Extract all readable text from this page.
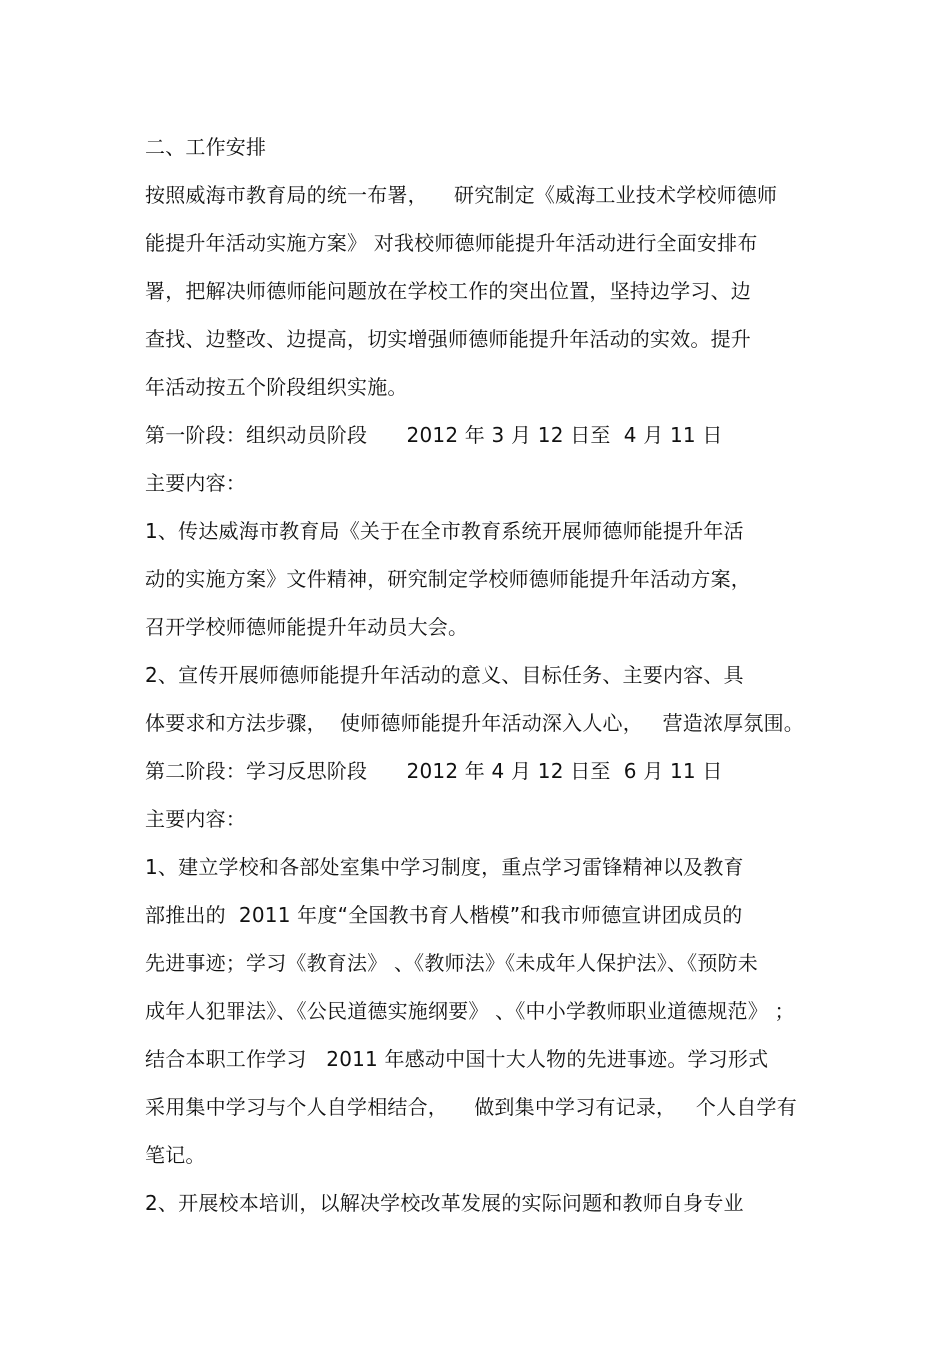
二、工作安排
按照威海市教育局的统一布署，    研究制定《威海工业技术学校师德师
能提升年活动实施方案》 对我校师德师能提升年活动进行全面安排布
署，把解决师德师能问题放在学校工作的突出位置，坚持边学习、边
查找、边整改、边提高，切实增强师德师能提升年活动的实效。提升
年活动按五个阶段组织实施。
第一阶段：组织动员阶段      2012 年 3 月 12 日至  4 月 11 日
主要内容：
1、传达威海市教育局《关于在全市教育系统开展师德师能提升年活
动的实施方案》文件精神，研究制定学校师德师能提升年活动方案，
召开学校师德师能提升年动员大会。
2、宣传开展师德师能提升年活动的意义、目标任务、主要内容、具
体要求和方法步骤，  使师德师能提升年活动深入人心，   营造浓厚氛围。
第二阶段：学习反思阶段      2012 年 4 月 12 日至  6 月 11 日
主要内容：
1、建立学校和各部处室集中学习制度，重点学习雷锋精神以及教育
部推出的  2011 年度“全国教书育人楷模”和我市师德宣讲团成员的
先进事迹；学习《教育法》 、《教师法》《未成年人保护法》、《预防未
成年人犯罪法》、《公民道德实施纲要》 、《中小学教师职业道德规范》 ；
结合本职工作学习   2011 年感动中国十大人物的先进事迹。学习形式
采用集中学习与个人自学相结合，    做到集中学习有记录，   个人自学有
笔记。
2、开展校本培训，以解决学校改革发展的实际问题和教师自身专业
